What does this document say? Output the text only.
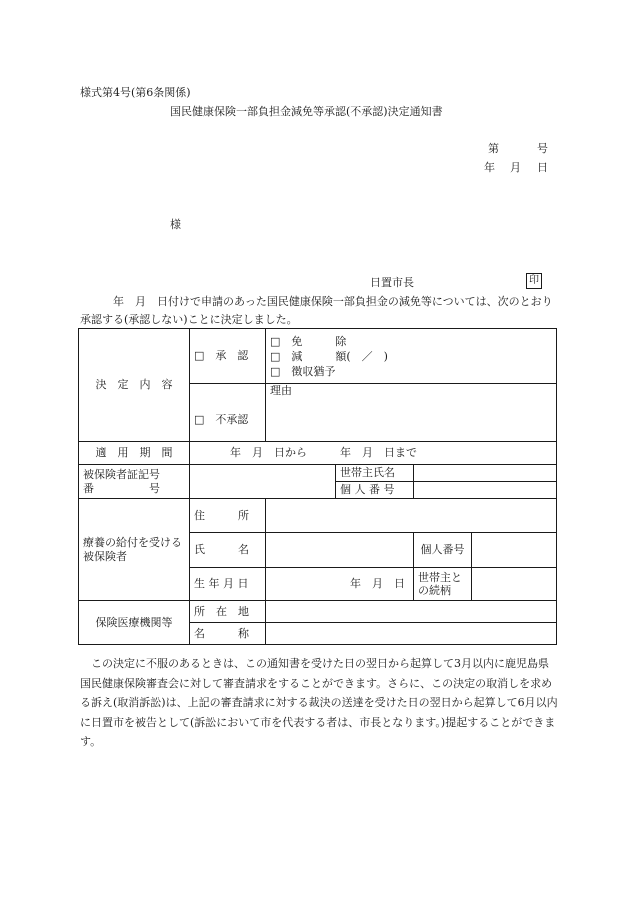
様式第4号(第6条関係)
国民健康保険一部負担金減免等承認(不承認)決定通知書
第	号
年 月 日
様
日置市長	印
年　月　日付けで申請のあった国民健康保険一部負担金の減免等については、次のとおり承認する(承認しない)ことに決定しました。
決　定　内　容	□　承　認	□　免　　　除
□　減　　　額(　／　)
□　徴収猶予			

	□　不承認	理由			
適　用　期　間	年　月　日から　　　年　月　日まで				

被保険者証記号
番　　　　　号			世帯主氏名		
			個 人 番 号		
療養の給付を受ける被保険者	住　　　所				
	氏　　　名			個人番号	
	生 年 月 日	年　月　日		世帯主との続柄	
保険医療機関等	所　在　地				
	名　　　称				
この決定に不服のあるときは、この通知書を受けた日の翌日から起算して3月以内に鹿児島県国民健康保険審査会に対して審査請求をすることができます。さらに、この決定の取消しを求める訴え(取消訴訟)は、上記の審査請求に対する裁決の送達を受けた日の翌日から起算して6月以内に日置市を被告として(訴訟において市を代表する者は、市長となります。)提起することができます。
